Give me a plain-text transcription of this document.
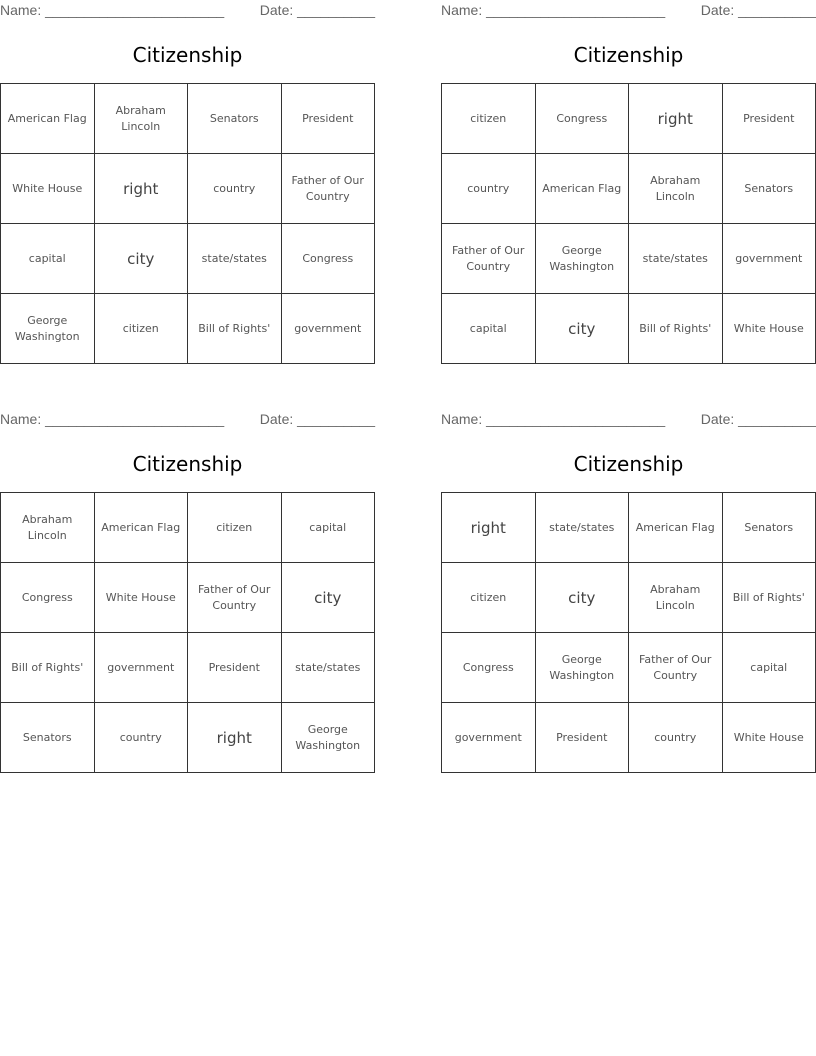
Name: _______________________	Date: __________
Citizenship
American Flag	Abraham Lincoln	Senators	President
White House	right	country	Father of Our Country
capital	city	state/states	Congress
George Washington	citizen	Bill of Rights'	government
Name: _______________________	Date: __________
Citizenship
citizen	Congress	right	President
country	American Flag	Abraham Lincoln	Senators
Father of Our Country	George Washington	state/states	government
capital	city	Bill of Rights'	White House
Name: _______________________	Date: __________
Citizenship
Abraham Lincoln	American Flag	citizen	capital
Congress	White House	Father of Our Country	city
Bill of Rights'	government	President	state/states
Senators	country	right	George Washington
Name: _______________________	Date: __________
Citizenship
right	state/states	American Flag	Senators
citizen	city	Abraham Lincoln	Bill of Rights'
Congress	George Washington	Father of Our Country	capital
government	President	country	White House
